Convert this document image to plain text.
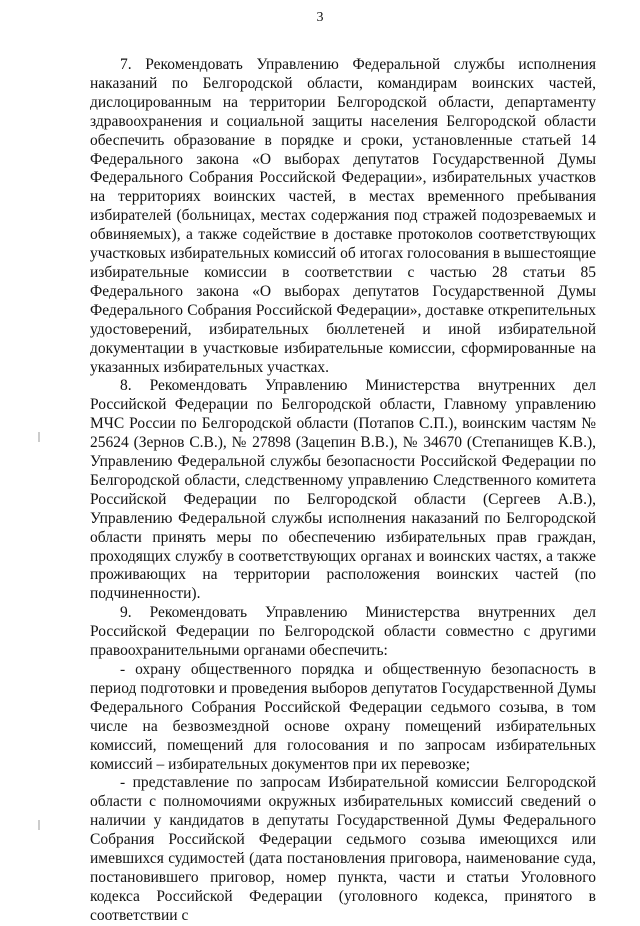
3

7. Рекомендовать Управлению Федеральной службы исполнения наказаний по Белгородской области, командирам воинских частей, дислоцированным на территории Белгородской области, департаменту здравоохранения и социальной защиты населения Белгородской области обеспечить образование в порядке и сроки, установленные статьей 14 Федерального закона «О выборах депутатов Государственной Думы Федерального Собрания Российской Федерации», избирательных участков на территориях воинских частей, в местах временного пребывания избирателей (больницах, местах содержания под стражей подозреваемых и обвиняемых), а также содействие в доставке протоколов соответствующих участковых избирательных комиссий об итогах голосования в вышестоящие избирательные комиссии в соответствии с частью 28 статьи 85 Федерального закона «О выборах депутатов Государственной Думы Федерального Собрания Российской Федерации», доставке открепительных удостоверений, избирательных бюллетеней и иной избирательной документации в участковые избирательные комиссии, сформированные на указанных избирательных участках.

8. Рекомендовать Управлению Министерства внутренних дел Российской Федерации по Белгородской области, Главному управлению МЧС России по Белгородской области (Потапов С.П.), воинским частям № 25624 (Зернов С.В.), № 27898 (Зацепин В.В.), № 34670 (Степанищев К.В.), Управлению Федеральной службы безопасности Российской Федерации по Белгородской области, следственному управлению Следственного комитета Российской Федерации по Белгородской области (Сергеев А.В.), Управлению Федеральной службы исполнения наказаний по Белгородской области принять меры по обеспечению избирательных прав граждан, проходящих службу в соответствующих органах и воинских частях, а также проживающих на территории расположения воинских частей (по подчиненности).

9. Рекомендовать Управлению Министерства внутренних дел Российской Федерации по Белгородской области совместно с другими правоохранительными органами обеспечить:

- охрану общественного порядка и общественную безопасность в период подготовки и проведения выборов депутатов Государственной Думы Федерального Собрания Российской Федерации седьмого созыва, в том числе на безвозмездной основе охрану помещений избирательных комиссий, помещений для голосования и по запросам избирательных комиссий – избирательных документов при их перевозке;

- представление по запросам Избирательной комиссии Белгородской области с полномочиями окружных избирательных комиссий сведений о наличии у кандидатов в депутаты Государственной Думы Федерального Собрания Российской Федерации седьмого созыва имеющихся или имевшихся судимостей (дата постановления приговора, наименование суда, постановившего приговор, номер пункта, части и статьи Уголовного кодекса Российской Федерации (уголовного кодекса, принятого в соответствии с
